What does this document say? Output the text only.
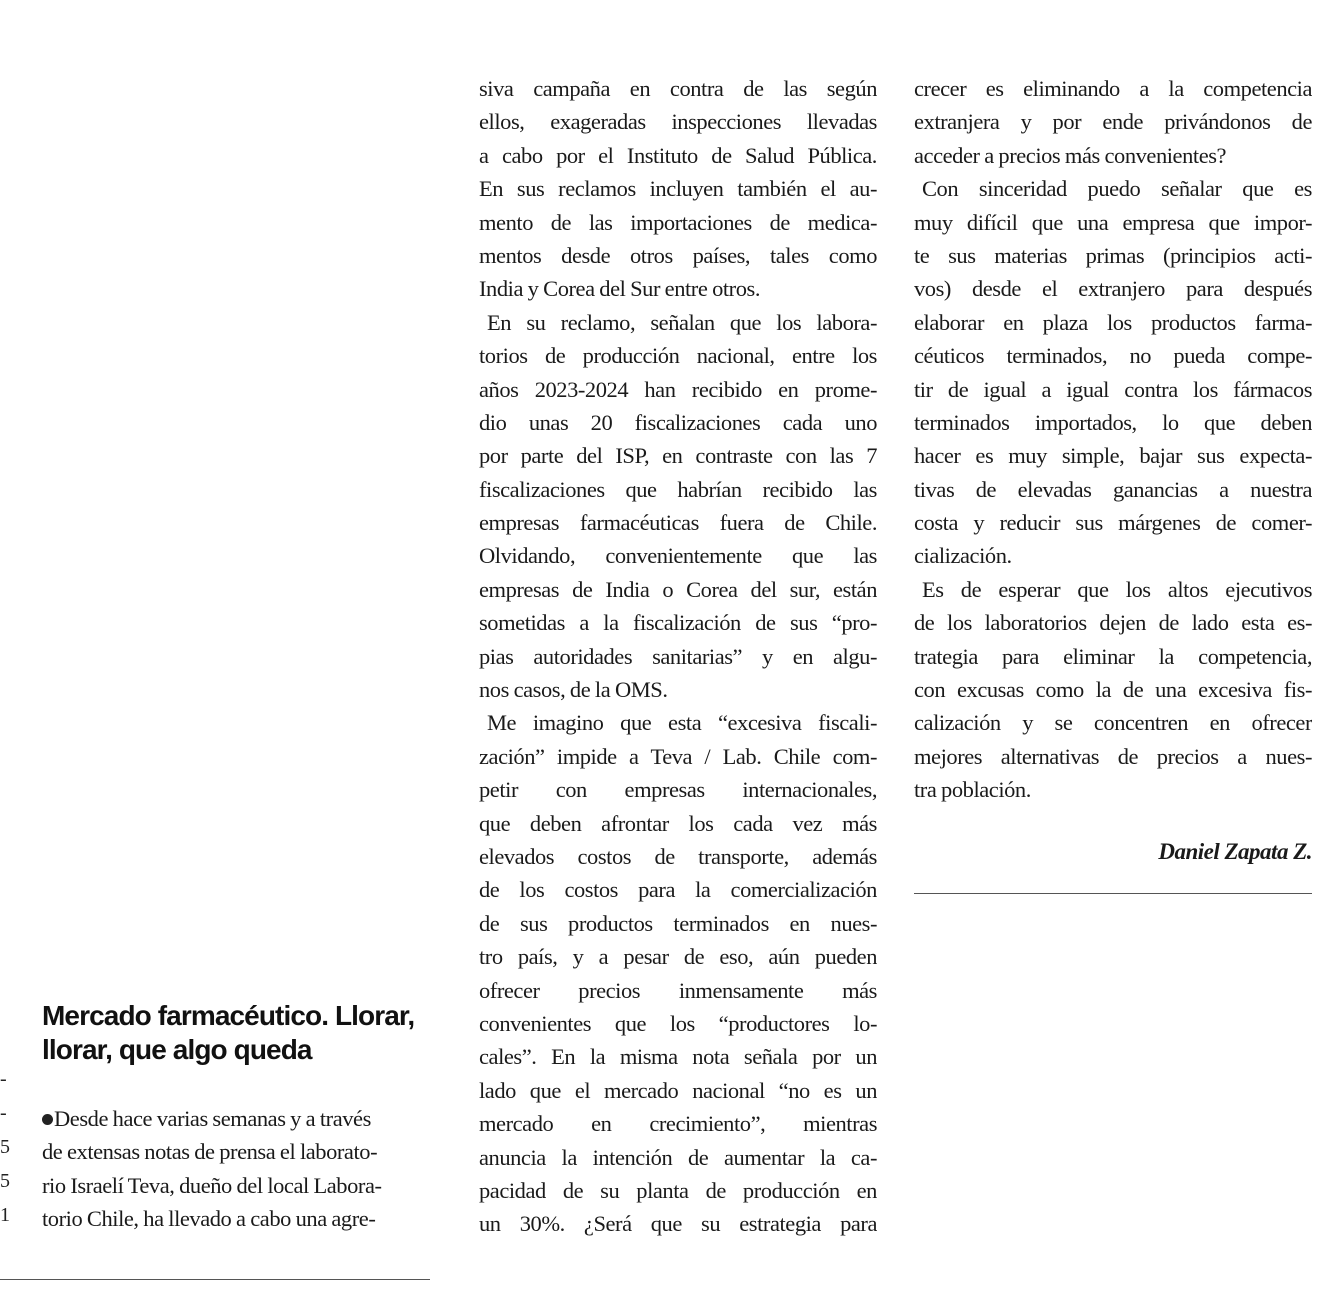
-
-
5
5
1
Mercado farmacéutico. Llorar,
llorar, que algo queda
Desde hace varias semanas y a través
de extensas notas de prensa el laborato-
rio Israelí Teva, dueño del local Labora-
torio Chile, ha llevado a cabo una agre-
siva campaña en contra de las según
ellos, exageradas inspecciones llevadas
a cabo por el Instituto de Salud Pública.
En sus reclamos incluyen también el au-
mento de las importaciones de medica-
mentos desde otros países, tales como
India y Corea del Sur entre otros.
En su reclamo, señalan que los labora-
torios de producción nacional, entre los
años 2023-2024 han recibido en prome-
dio unas 20 fiscalizaciones cada uno
por parte del ISP, en contraste con las 7
fiscalizaciones que habrían recibido las
empresas farmacéuticas fuera de Chile.
Olvidando, convenientemente que las
empresas de India o Corea del sur, están
sometidas a la fiscalización de sus “pro-
pias autoridades sanitarias” y en algu-
nos casos, de la OMS.
Me imagino que esta “excesiva fiscali-
zación” impide a Teva / Lab. Chile com-
petir con empresas internacionales,
que deben afrontar los cada vez más
elevados costos de transporte, además
de los costos para la comercialización
de sus productos terminados en nues-
tro país, y a pesar de eso, aún pueden
ofrecer precios inmensamente más
convenientes que los “productores lo-
cales”. En la misma nota señala por un
lado que el mercado nacional “no es un
mercado en crecimiento”, mientras
anuncia la intención de aumentar la ca-
pacidad de su planta de producción en
un 30%. ¿Será que su estrategia para
crecer es eliminando a la competencia
extranjera y por ende privándonos de
acceder a precios más convenientes?
Con sinceridad puedo señalar que es
muy difícil que una empresa que impor-
te sus materias primas (principios acti-
vos) desde el extranjero para después
elaborar en plaza los productos farma-
céuticos terminados, no pueda compe-
tir de igual a igual contra los fármacos
terminados importados, lo que deben
hacer es muy simple, bajar sus expecta-
tivas de elevadas ganancias a nuestra
costa y reducir sus márgenes de comer-
cialización.
Es de esperar que los altos ejecutivos
de los laboratorios dejen de lado esta es-
trategia para eliminar la competencia,
con excusas como la de una excesiva fis-
calización y se concentren en ofrecer
mejores alternativas de precios a nues-
tra población.
Daniel Zapata Z.
